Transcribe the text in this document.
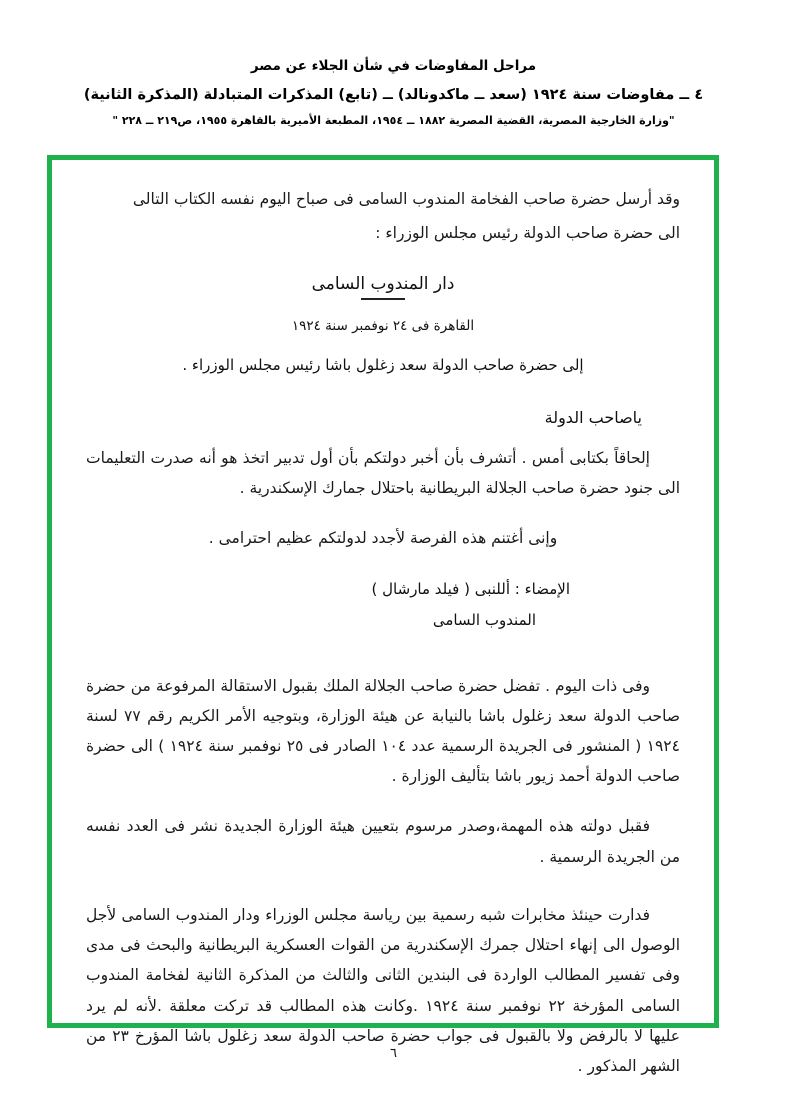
مراحل المفاوضات في شأن الجلاء عن مصر
٤ ــ مفاوضات سنة ١٩٢٤ (سعد ــ ماكدونالد) ــ (تابع) المذكرات المتبادلة (المذكرة الثانية)
"وزارة الخارجية المصرية، القضية المصرية ١٨٨٢ ــ ١٩٥٤، المطبعة الأميرية بالقاهرة ١٩٥٥، ص٢١٩ ــ ٢٢٨ "
وقد أرسل حضرة صاحب الفخامة المندوب السامى فى صباح اليوم نفسه الكتاب التالى
الى حضرة صاحب الدولة رئيس مجلس الوزراء :
دار المندوب السامى
القاهرة فى ٢٤ نوفمبر سنة ١٩٢٤
إلى حضرة صاحب الدولة سعد زغلول باشا رئيس مجلس الوزراء .
ياصاحب الدولة
إلحاقاً بكتابى أمس . أتشرف بأن أخبر دولتكم بأن أول تدبير اتخذ هو أنه صدرت التعليمات الى جنود حضرة صاحب الجلالة البريطانية باحتلال جمارك الإسكندرية .
وإنى أغتنم هذه الفرصة لأجدد لدولتكم عظيم احترامى .
الإمضاء : أللنبى ( فيلد مارشال )
المندوب السامى
وفى ذات اليوم . تفضل حضرة صاحب الجلالة الملك بقبول الاستقالة المرفوعة من حضرة صاحب الدولة سعد زغلول باشا بالنيابة عن هيئة الوزارة، وبتوجيه الأمر الكريم رقم ٧٧ لسنة ١٩٢٤ ( المنشور فى الجريدة الرسمية عدد ١٠٤ الصادر فى ٢٥ نوفمبر سنة ١٩٢٤ ) الى حضرة صاحب الدولة أحمد زيور باشا بتأليف الوزارة .
فقبل دولته هذه المهمة،وصدر مرسوم بتعيين هيئة الوزارة الجديدة نشر فى العدد نفسه من الجريدة الرسمية .
فدارت حينئذ مخابرات شبه رسمية بين رياسة مجلس الوزراء ودار المندوب السامى لأجل الوصول الى إنهاء احتلال جمرك الإسكندرية من القوات العسكرية البريطانية والبحث فى مدى وفى تفسير المطالب الواردة فى البندين الثانى والثالث من المذكرة الثانية لفخامة المندوب السامى المؤرخة ٢٢ نوفمبر سنة ١٩٢٤ .وكانت هذه المطالب قد تركت معلقة .لأنه لم يرد عليها لا بالرفض ولا بالقبول فى جواب حضرة صاحب الدولة سعد زغلول باشا المؤرخ ٢٣ من الشهر المذكور .
٦
